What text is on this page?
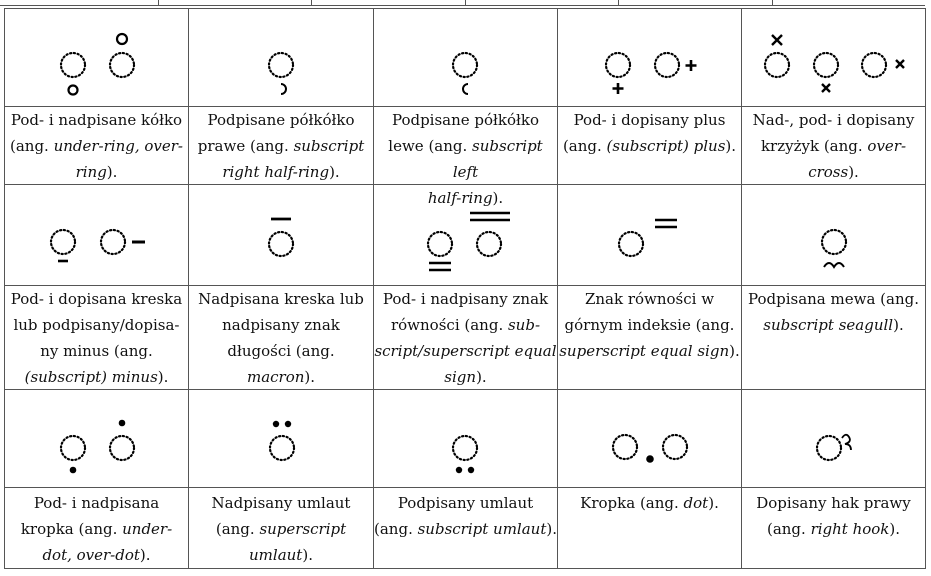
Pod- i nadpisane kółko
(ang. under-ring, over-
ring).
Podpisane półkółko
prawe (ang. subscript
right half-ring).
Podpisane półkółko
lewe (ang. subscript left
half-ring).
Pod- i dopisany plus
(ang. (subscript) plus).
Nad-, pod- i dopisany
krzyżyk (ang. over-
cross).
Pod- i dopisana kreska
lub podpisany/dopisa-
ny minus (ang.
(subscript) minus).
Nadpisana kreska lub
nadpisany znak
długości (ang.
macron).
Pod- i nadpisany znak
równości (ang. sub-
script/superscript equal
sign).
Znak równości w
górnym indeksie (ang.
superscript equal sign).
Podpisana mewa (ang.
subscript seagull).
Pod- i nadpisana
kropka (ang. under-
dot, over-dot).
Nadpisany umlaut
(ang. superscript
umlaut).
Podpisany umlaut
(ang. subscript umlaut).
Kropka (ang. dot).	Dopisany hak prawy
(ang. right hook).
